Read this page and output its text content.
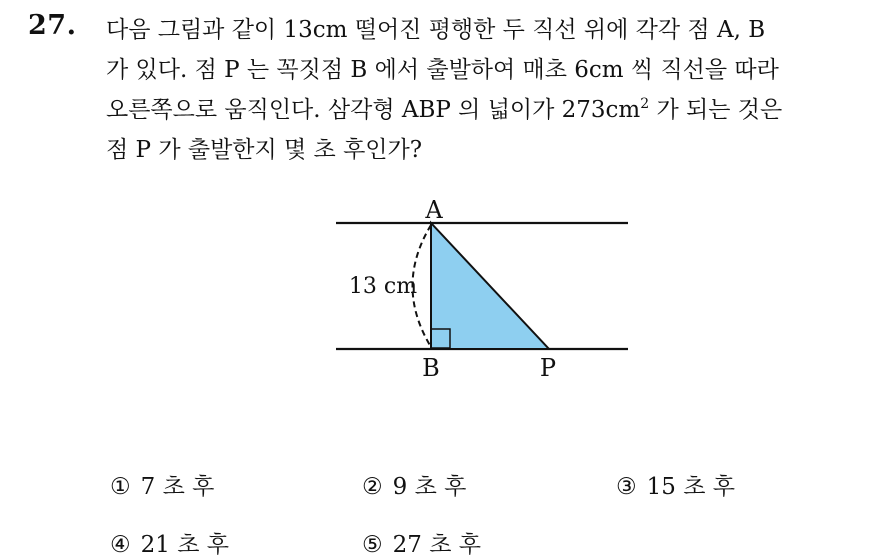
27. 다음 그림과 같이 13cm 떨어진 평행한 두 직선 위에 각각 점 A, B
가 있다. 점 P 는 꼭짓점 B 에서 출발하여 매초 6cm 씩 직선을 따라
오른쪽으로 움직인다. 삼각형 ABP 의 넓이가 $273cm^2$ 가 되는 것은
점 P 가 출발한지 몇 초 후인가?
A
B	P
13 cm
① 7 초 후	② 9 초 후	③ 15 초 후
④ 21 초 후	⑤ 27 초 후
